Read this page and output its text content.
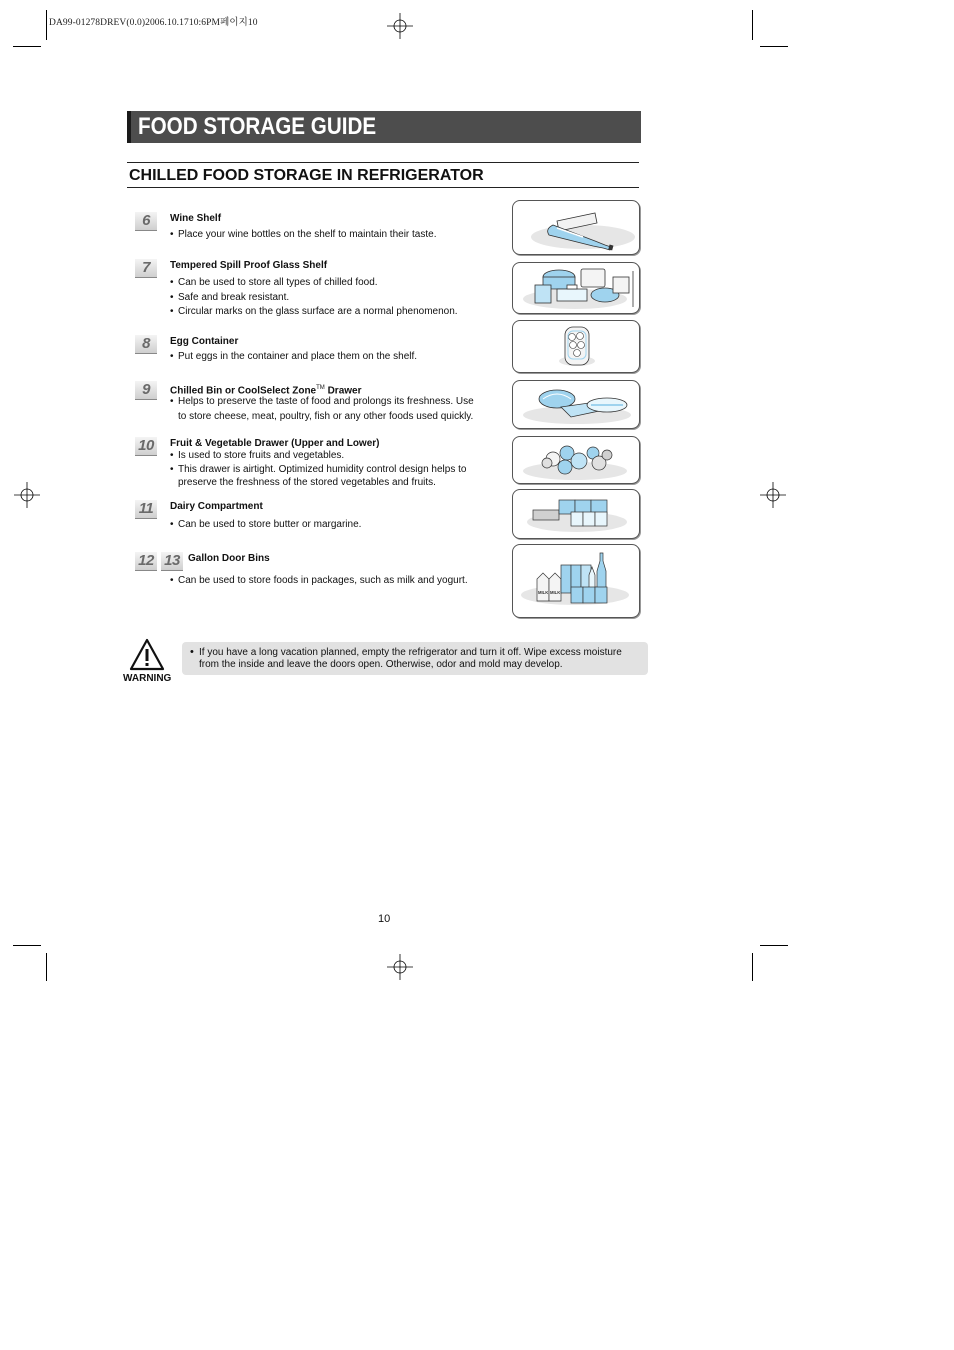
DA99-01278DREV(0.0)2006.10.1710:6PM페이지10
FOOD STORAGE GUIDE
CHILLED FOOD STORAGE IN REFRIGERATOR
6	Wine Shelf
• Place your wine bottles on the shelf to maintain their taste.
7	Tempered Spill Proof Glass Shelf
• Can be used to store all types of chilled food.
• Safe and break resistant.
• Circular marks on the glass surface are a normal phenomenon.
8	Egg Container
• Put eggs in the container and place them on the shelf.
9	Chilled Bin or CoolSelect Zone™ Drawer
• Helps to preserve the taste of food and prolongs its freshness. Use
to store cheese, meat, poultry, fish or any other foods used quickly.
10	Fruit & Vegetable Drawer (Upper and Lower)
• Is used to store fruits and vegetables.
• This drawer is airtight. Optimized humidity control design helps to
preserve the freshness of the stored vegetables and fruits.
11	Dairy Compartment
• Can be used to store butter or margarine.
12 13 Gallon Door Bins
• Can be used to store foods in packages, such as milk and yogurt.
MILK MILK
WARNING
• If you have a long vacation planned, empty the refrigerator and turn it off. Wipe excess moisture
from the inside and leave the doors open. Otherwise, odor and mold may develop.
10
